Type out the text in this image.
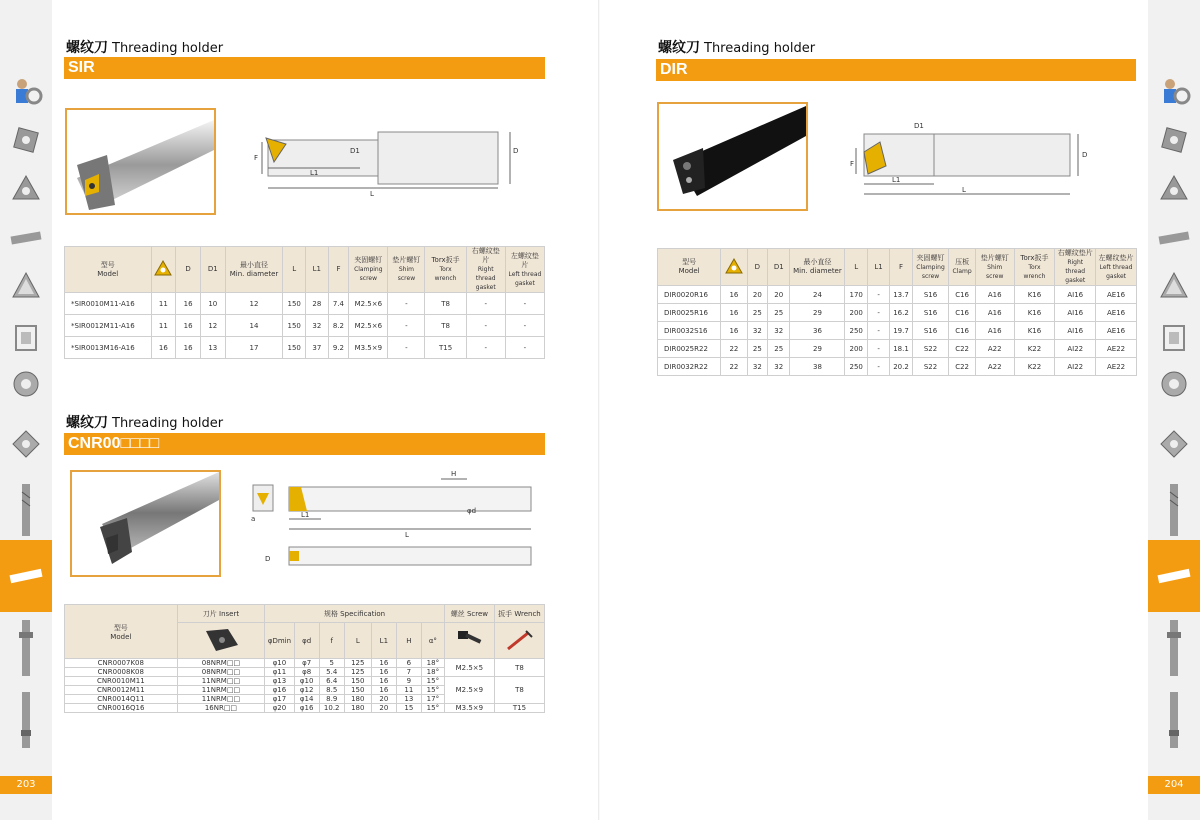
203
螺纹刀 Threading holder
SIR
D1	D
F
L1
L
型号
Model		D	D1	最小直径
Min. diameter	L	L1	F	夹固螺钉
Clamping
screw	垫片螺钉
Shim
screw	Torx扳手
Torx
wrench	右螺纹垫片
Right thread
gasket	左螺纹垫片
Left thread
gasket

*SIR0010M11-A16	11	16	10	12	150	28	7.4	M2.5×6	-	T8	-	-
*SIR0012M11-A16	11	16	12	14	150	32	8.2	M2.5×6	-	T8	-	-
*SIR0013M16-A16	16	16	13	17	150	37	9.2	M3.5×9	-	T15	-	-
螺纹刀 Threading holder
CNR00□□□□
H
φd
L1
L
a
D
型号
Model	刀片 Insert	规格 Specification							螺丝 Screw	扳手 Wrench
	φDmin	φd	f	L	L1	H	α°		
CNR0007K08	08NRM□□	φ10	φ7	5	125	16	6	18°	M2.5×5	T8
CNR0008K08	08NRM□□	φ11	φ8	5.4	125	16	7	18°		
CNR0010M11	11NRM□□	φ13	φ10	6.4	150	16	9	15°	M2.5×9	T8
CNR0012M11	11NRM□□	φ16	φ12	8.5	150	16	11	15°		
CNR0014Q11	11NRM□□	φ17	φ14	8.9	180	20	13	17°		
CNR0016Q16	16NR□□	φ20	φ16	10.2	180	20	15	15°	M3.5×9	T15
204
螺纹刀 Threading holder
DIR
D1
D
F
L1
L
型号
Model		D	D1	最小直径
Min. diameter	L	L1	F	夹固螺钉
Clamping
screw	压板
Clamp	垫片螺钉
Shim
screw	Torx扳手
Torx
wrench	右螺纹垫片
Right thread
gasket	左螺纹垫片
Left thread
gasket

DIR0020R16	16	20	20	24	170	-	13.7	S16	C16	A16	K16	AI16	AE16
DIR0025R16	16	25	25	29	200	-	16.2	S16	C16	A16	K16	AI16	AE16
DIR0032S16	16	32	32	36	250	-	19.7	S16	C16	A16	K16	AI16	AE16
DIR0025R22	22	25	25	29	200	-	18.1	S22	C22	A22	K22	AI22	AE22
DIR0032R22	22	32	32	38	250	-	20.2	S22	C22	A22	K22	AI22	AE22
